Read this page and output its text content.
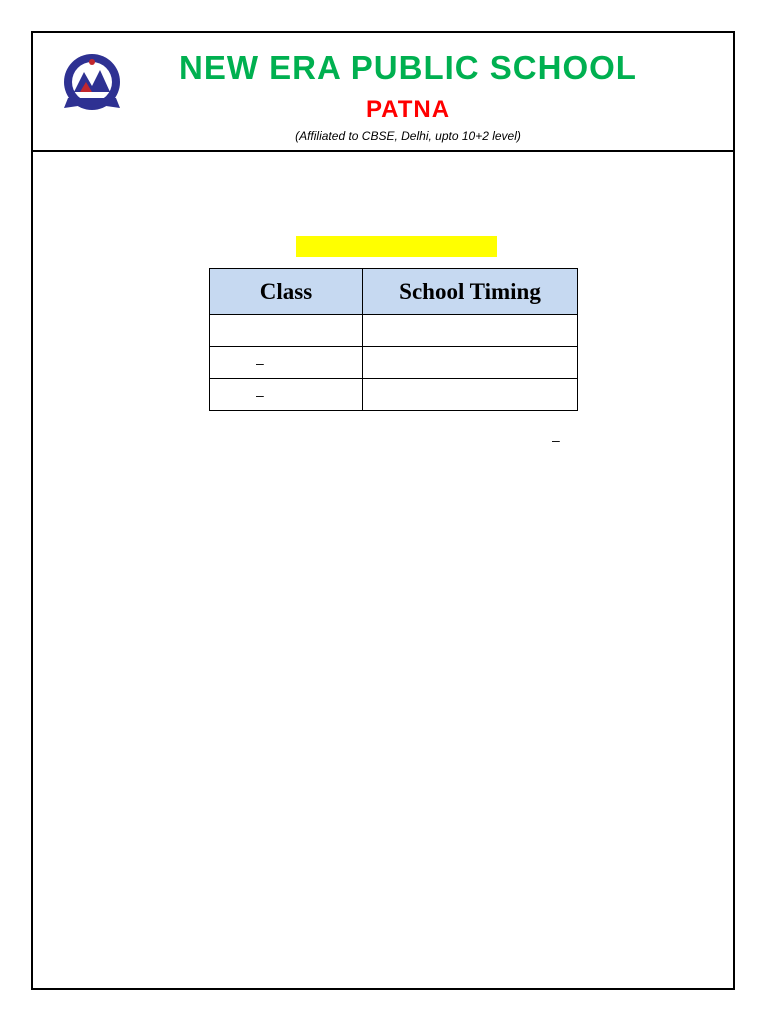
NEW ERA PUBLIC SCHOOL
PATNA
(Affiliated to CBSE, Delhi, upto 10+2 level)
Class	School Timing

–	
–	
–
